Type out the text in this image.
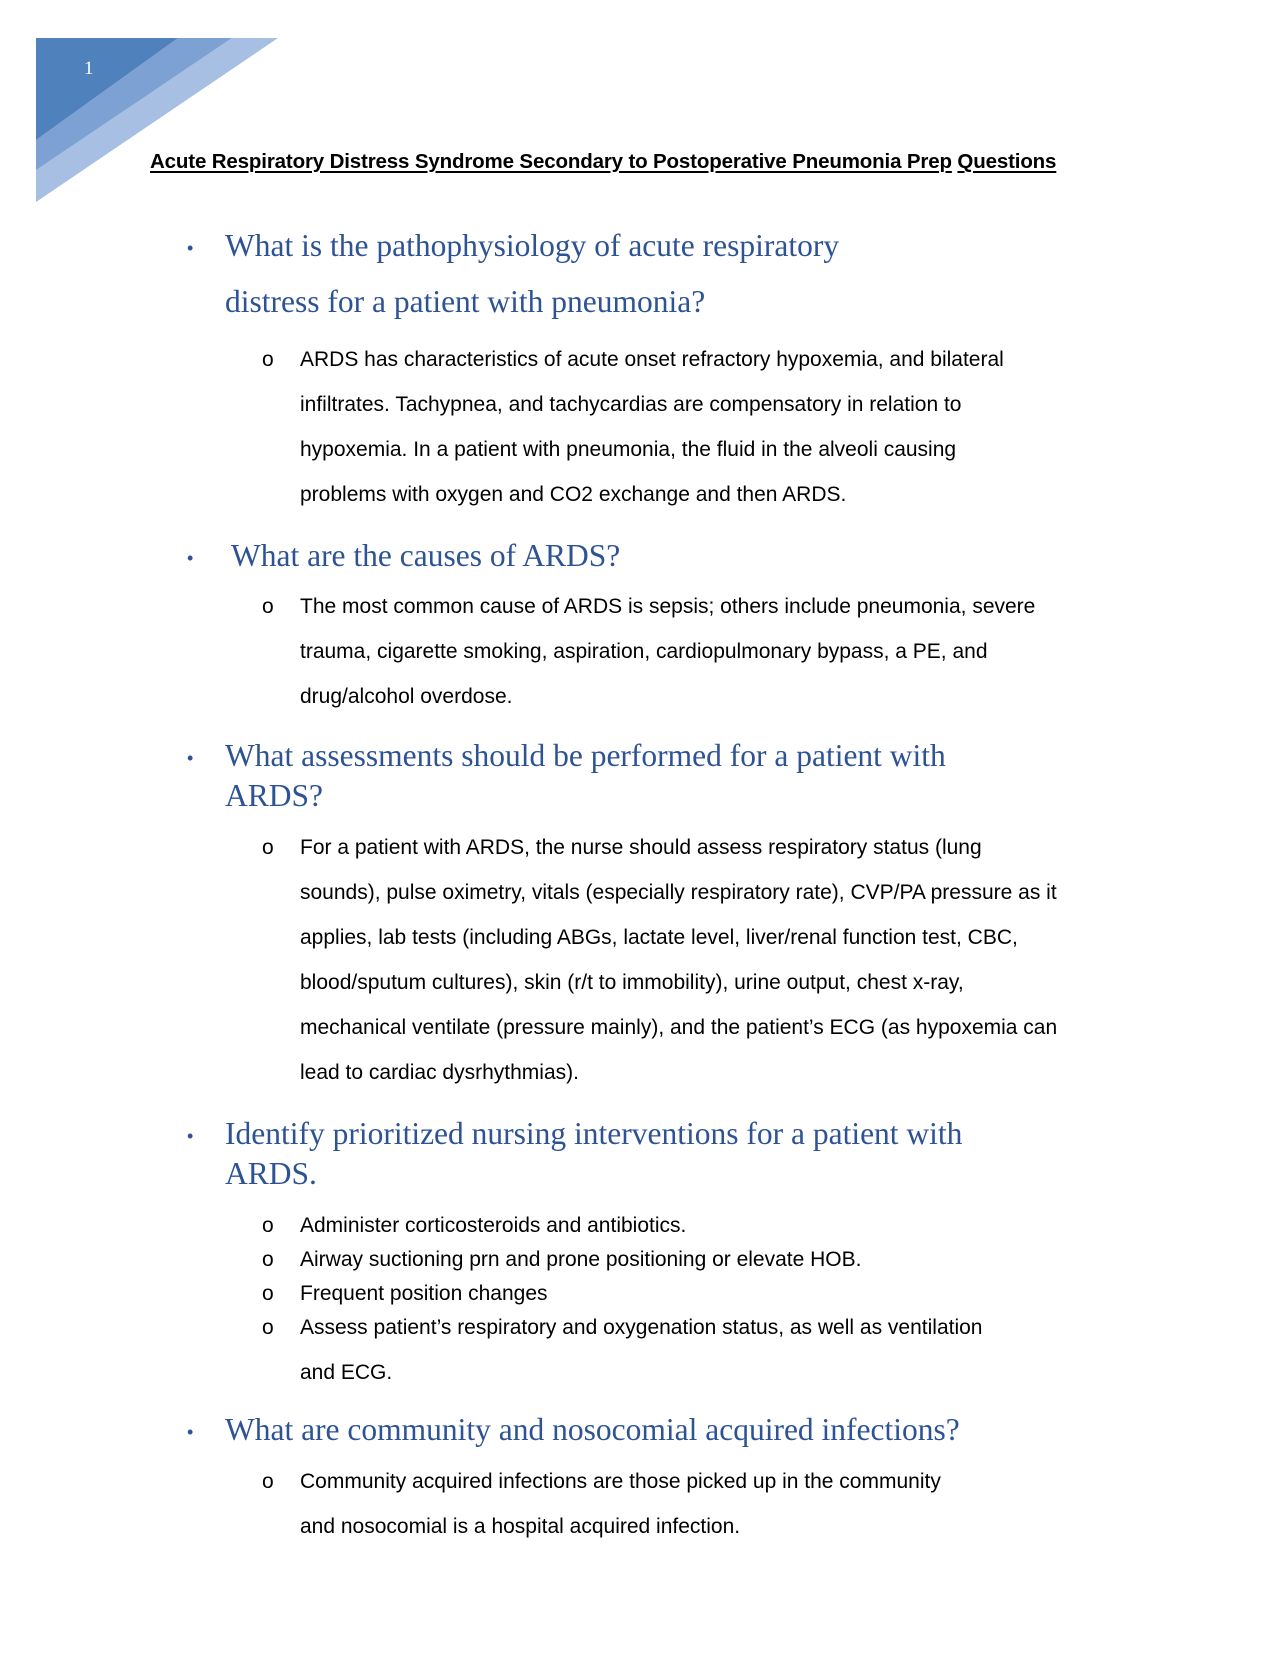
1
Acute Respiratory Distress Syndrome Secondary to Postoperative Pneumonia Prep Questions
• What is the pathophysiology of acute respiratory
distress for a patient with pneumonia?
o ARDS has characteristics of acute onset refractory hypoxemia, and bilateral
infiltrates. Tachypnea, and tachycardias are compensatory in relation to
hypoxemia. In a patient with pneumonia, the fluid in the alveoli causing
problems with oxygen and CO2 exchange and then ARDS.
• What are the causes of ARDS?
o The most common cause of ARDS is sepsis; others include pneumonia, severe
trauma, cigarette smoking, aspiration, cardiopulmonary bypass, a PE, and
drug/alcohol overdose.
• What assessments should be performed for a patient with
ARDS?
o For a patient with ARDS, the nurse should assess respiratory status (lung
sounds), pulse oximetry, vitals (especially respiratory rate), CVP/PA pressure as it
applies, lab tests (including ABGs, lactate level, liver/renal function test, CBC,
blood/sputum cultures), skin (r/t to immobility), urine output, chest x-ray,
mechanical ventilate (pressure mainly), and the patient’s ECG (as hypoxemia can
lead to cardiac dysrhythmias).
• Identify prioritized nursing interventions for a patient with
ARDS.
o Administer corticosteroids and antibiotics.
o Airway suctioning prn and prone positioning or elevate HOB.
o Frequent position changes
o Assess patient’s respiratory and oxygenation status, as well as ventilation
and ECG.
• What are community and nosocomial acquired infections?
o Community acquired infections are those picked up in the community
and nosocomial is a hospital acquired infection.
